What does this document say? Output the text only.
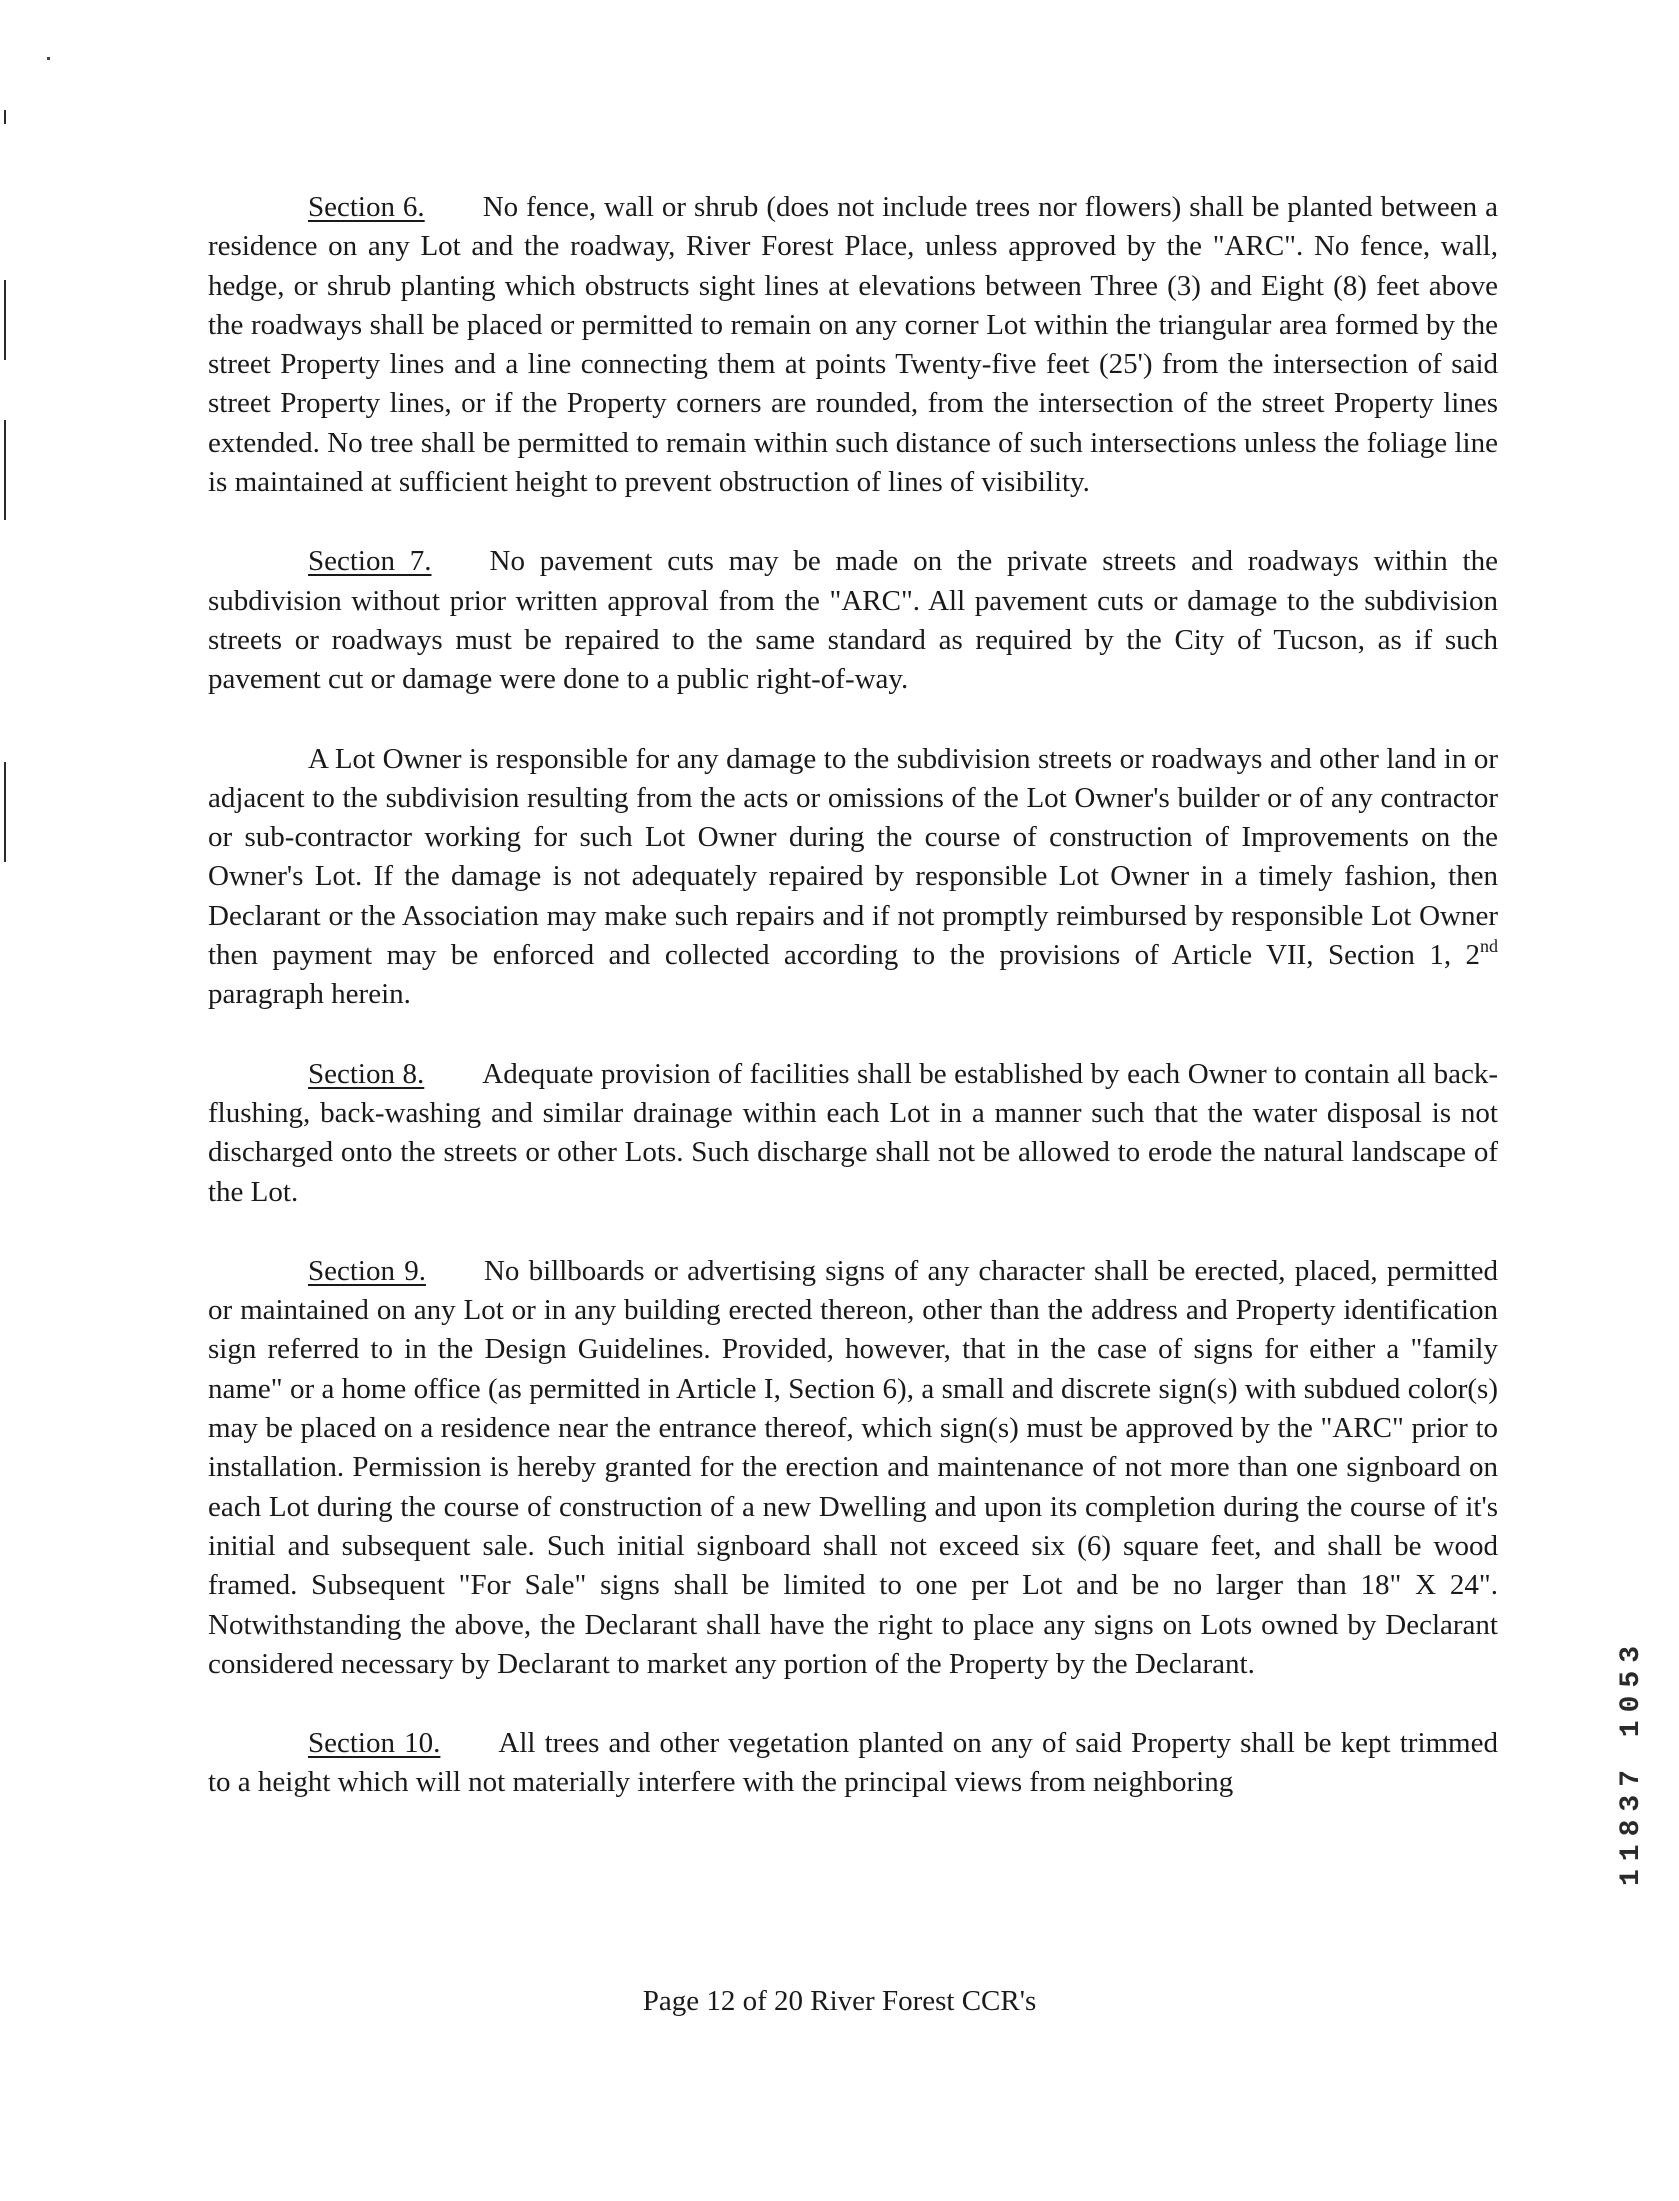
Section 6. No fence, wall or shrub (does not include trees nor flowers) shall be planted between a residence on any Lot and the roadway, River Forest Place, unless approved by the "ARC". No fence, wall, hedge, or shrub planting which obstructs sight lines at elevations between Three (3) and Eight (8) feet above the roadways shall be placed or permitted to remain on any corner Lot within the triangular area formed by the street Property lines and a line connecting them at points Twenty-five feet (25') from the intersection of said street Property lines, or if the Property corners are rounded, from the intersection of the street Property lines extended. No tree shall be permitted to remain within such distance of such intersections unless the foliage line is maintained at sufficient height to prevent obstruction of lines of visibility.

Section 7. No pavement cuts may be made on the private streets and roadways within the subdivision without prior written approval from the "ARC". All pavement cuts or damage to the subdivision streets or roadways must be repaired to the same standard as required by the City of Tucson, as if such pavement cut or damage were done to a public right-of-way.

A Lot Owner is responsible for any damage to the subdivision streets or roadways and other land in or adjacent to the subdivision resulting from the acts or omissions of the Lot Owner's builder or of any contractor or sub-contractor working for such Lot Owner during the course of construction of Improvements on the Owner's Lot. If the damage is not adequately repaired by responsible Lot Owner in a timely fashion, then Declarant or the Association may make such repairs and if not promptly reimbursed by responsible Lot Owner then payment may be enforced and collected according to the provisions of Article VII, Section 1, 2nd paragraph herein.

Section 8. Adequate provision of facilities shall be established by each Owner to contain all back-flushing, back-washing and similar drainage within each Lot in a manner such that the water disposal is not discharged onto the streets or other Lots. Such discharge shall not be allowed to erode the natural landscape of the Lot.

Section 9. No billboards or advertising signs of any character shall be erected, placed, permitted or maintained on any Lot or in any building erected thereon, other than the address and Property identification sign referred to in the Design Guidelines. Provided, however, that in the case of signs for either a "family name" or a home office (as permitted in Article I, Section 6), a small and discrete sign(s) with subdued color(s) may be placed on a residence near the entrance thereof, which sign(s) must be approved by the "ARC" prior to installation. Permission is hereby granted for the erection and maintenance of not more than one signboard on each Lot during the course of construction of a new Dwelling and upon its completion during the course of it's initial and subsequent sale. Such initial signboard shall not exceed six (6) square feet, and shall be wood framed. Subsequent "For Sale" signs shall be limited to one per Lot and be no larger than 18" X 24". Notwithstanding the above, the Declarant shall have the right to place any signs on Lots owned by Declarant considered necessary by Declarant to market any portion of the Property by the Declarant.

Section 10. All trees and other vegetation planted on any of said Property shall be kept trimmed to a height which will not materially interfere with the principal views from neighboring

Page 12 of 20 River Forest CCR's
11837 1053
